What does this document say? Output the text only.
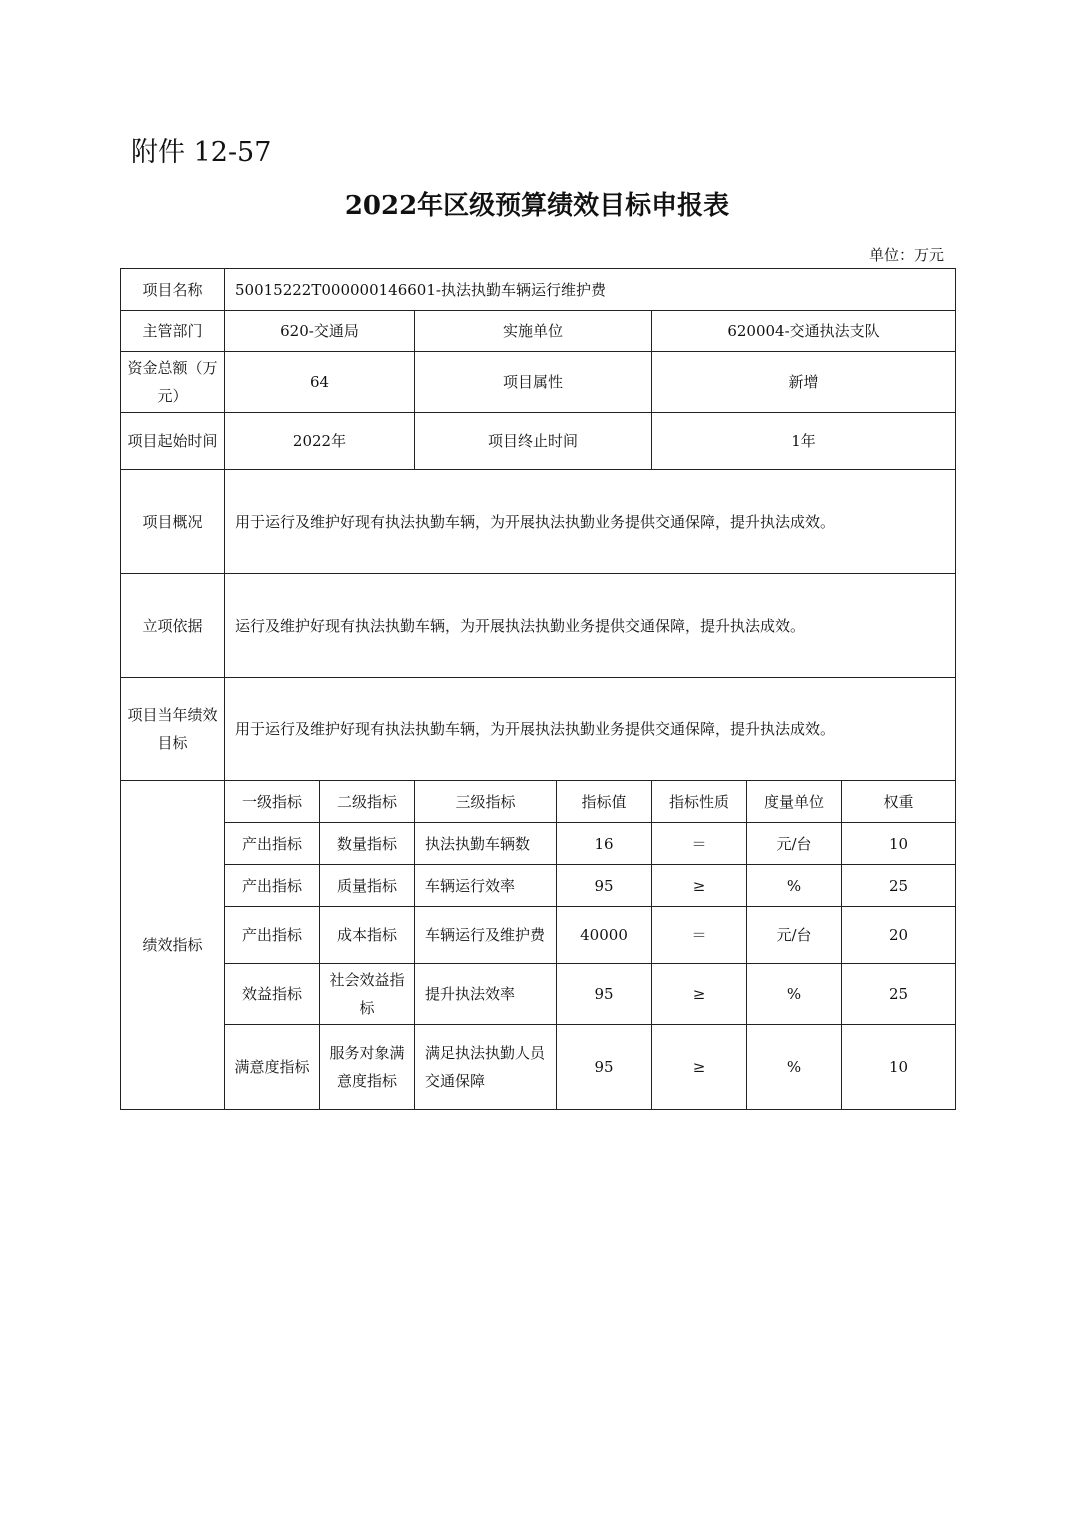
附件 12-57
2022年区级预算绩效目标申报表
单位：万元
项目名称	50015222T000000146601-执法执勤车辆运行维护费						
主管部门	620-交通局		实施单位		620004-交通执法支队		
资金总额（万元）	64		项目属性		新增		
项目起始时间	2022年		项目终止时间		1年		
项目概况	用于运行及维护好现有执法执勤车辆，为开展执法执勤业务提供交通保障，提升执法成效。						
立项依据	运行及维护好现有执法执勤车辆，为开展执法执勤业务提供交通保障，提升执法成效。						
项目当年绩效目标	用于运行及维护好现有执法执勤车辆，为开展执法执勤业务提供交通保障，提升执法成效。						
绩效指标	一级指标	二级指标	三级指标	指标值	指标性质	度量单位	权重
	产出指标	数量指标	执法执勤车辆数	16	＝	元/台	10
	产出指标	质量指标	车辆运行效率	95	≥	%	25
	产出指标	成本指标	车辆运行及维护费	40000	＝	元/台	20
	效益指标	社会效益指标	提升执法效率	95	≥	%	25
	满意度指标	服务对象满意度指标	满足执法执勤人员交通保障	95	≥	%	10
